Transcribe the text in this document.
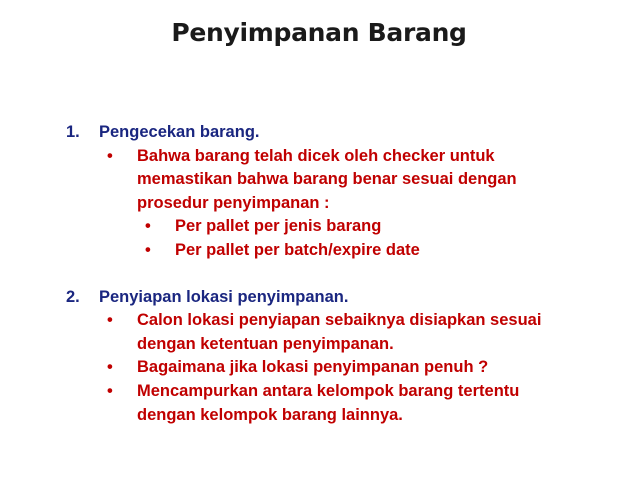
Penyimpanan Barang
1.	Pengecekan barang.
•	Bahwa barang telah dicek oleh checker untuk memastikan bahwa barang benar sesuai dengan prosedur penyimpanan :
•	Per pallet per jenis barang
•	Per pallet per batch/expire date
2.	Penyiapan lokasi penyimpanan.
•	Calon lokasi penyiapan sebaiknya disiapkan sesuai dengan ketentuan penyimpanan.
•	Bagaimana jika lokasi penyimpanan penuh ?
•	Mencampurkan antara kelompok barang tertentu dengan kelompok barang lainnya.
